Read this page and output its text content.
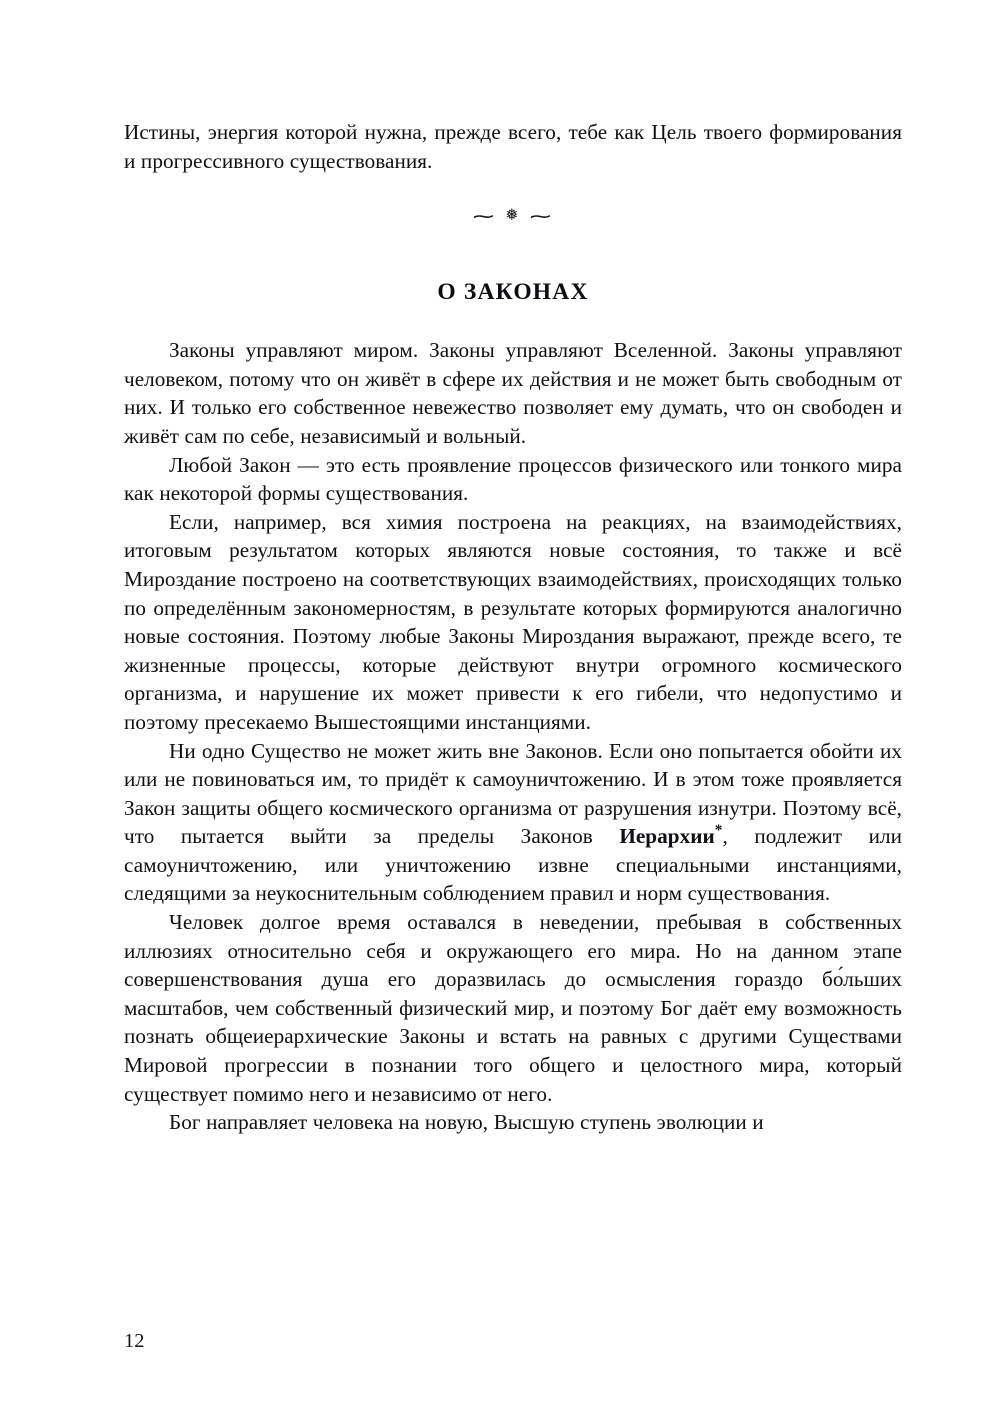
Истины, энергия которой нужна, прежде всего, тебе как Цель твоего формирования и прогрессивного существования.

∼ ❅ ∼
О ЗАКОНАХ

Законы управляют миром. Законы управляют Вселенной. Законы управляют человеком, потому что он живёт в сфере их действия и не может быть свободным от них. И только его собственное невежество позволяет ему думать, что он свободен и живёт сам по себе, независимый и вольный.

Любой Закон — это есть проявление процессов физического или тонкого мира как некоторой формы существования.

Если, например, вся химия построена на реакциях, на взаимодействиях, итоговым результатом которых являются новые состояния, то также и всё Мироздание построено на соответствующих взаимодействиях, происходящих только по определённым закономерностям, в результате которых формируются аналогично новые состояния. Поэтому любые Законы Мироздания выражают, прежде всего, те жизненные процессы, которые действуют внутри огромного космического организма, и нарушение их может привести к его гибели, что недопустимо и поэтому пресекаемо Вышестоящими инстанциями.

Ни одно Существо не может жить вне Законов. Если оно попытается обойти их или не повиноваться им, то придёт к самоуничтожению. И в этом тоже проявляется Закон защиты общего космического организма от разрушения изнутри. Поэтому всё, что пытается выйти за пределы Законов Иерархии*, подлежит или самоуничтожению, или уничтожению извне специальными инстанциями, следящими за неукоснительным соблюдением правил и норм существования.

Человек долгое время оставался в неведении, пребывая в собственных иллюзиях относительно себя и окружающего его мира. Но на данном этапе совершенствования душа его доразвилась до осмысления гораздо бо́льших масштабов, чем собственный физический мир, и поэтому Бог даёт ему возможность познать общеиерархические Законы и встать на равных с другими Существами Мировой прогрессии в познании того общего и целостного мира, который существует помимо него и независимо от него.

Бог направляет человека на новую, Высшую ступень эволюции и

12
